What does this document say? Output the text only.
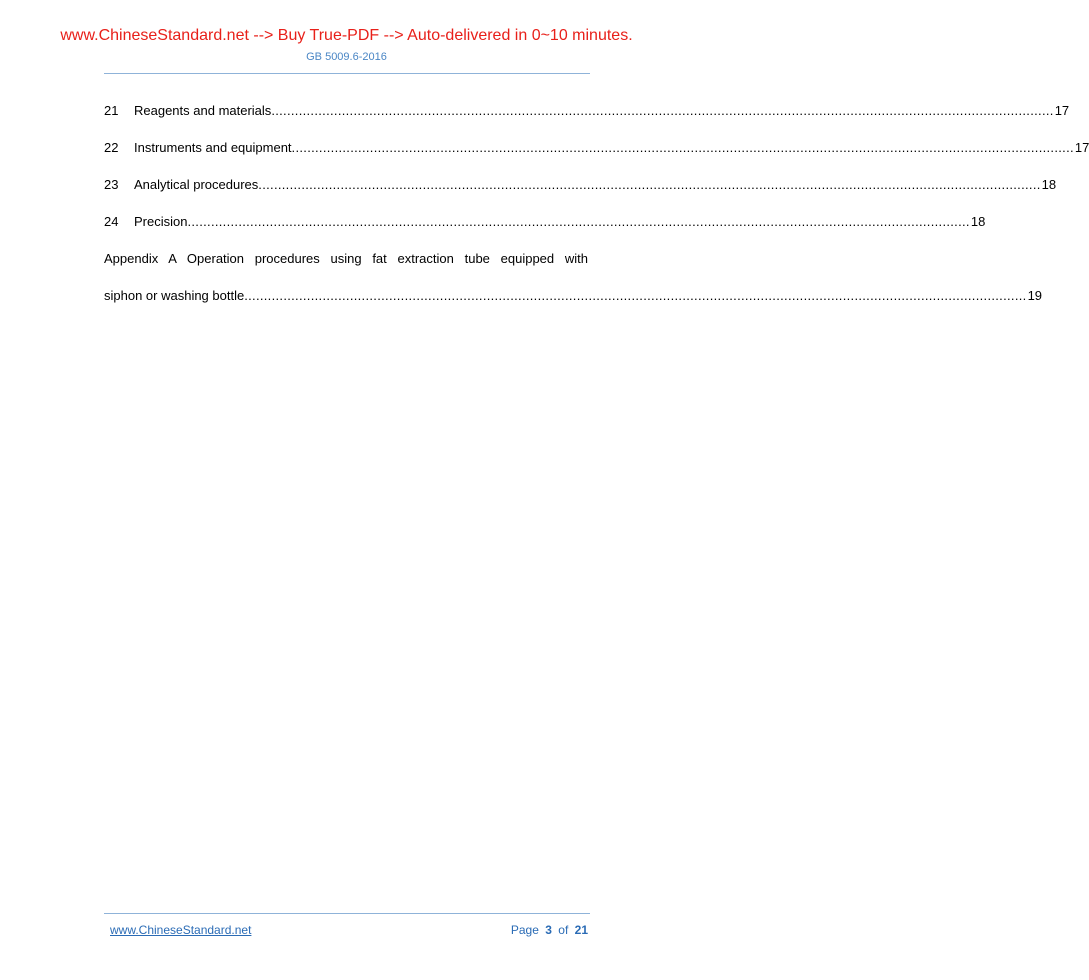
www.ChineseStandard.net --> Buy True-PDF --> Auto-delivered in 0~10 minutes.
GB 5009.6-2016
21	Reagents and materials ........................................................................................................................................................................................................ 17
22	Instruments and equipment ........................................................................................................................................................................................................ 17
23	Analytical procedures ........................................................................................................................................................................................................ 18
24	Precision ........................................................................................................................................................................................................ 18
Appendix A Operation procedures using fat extraction tube equipped with
siphon or washing bottle ........................................................................................................................................................................................................ 19
www.ChineseStandard.net	Page 3 of 21
